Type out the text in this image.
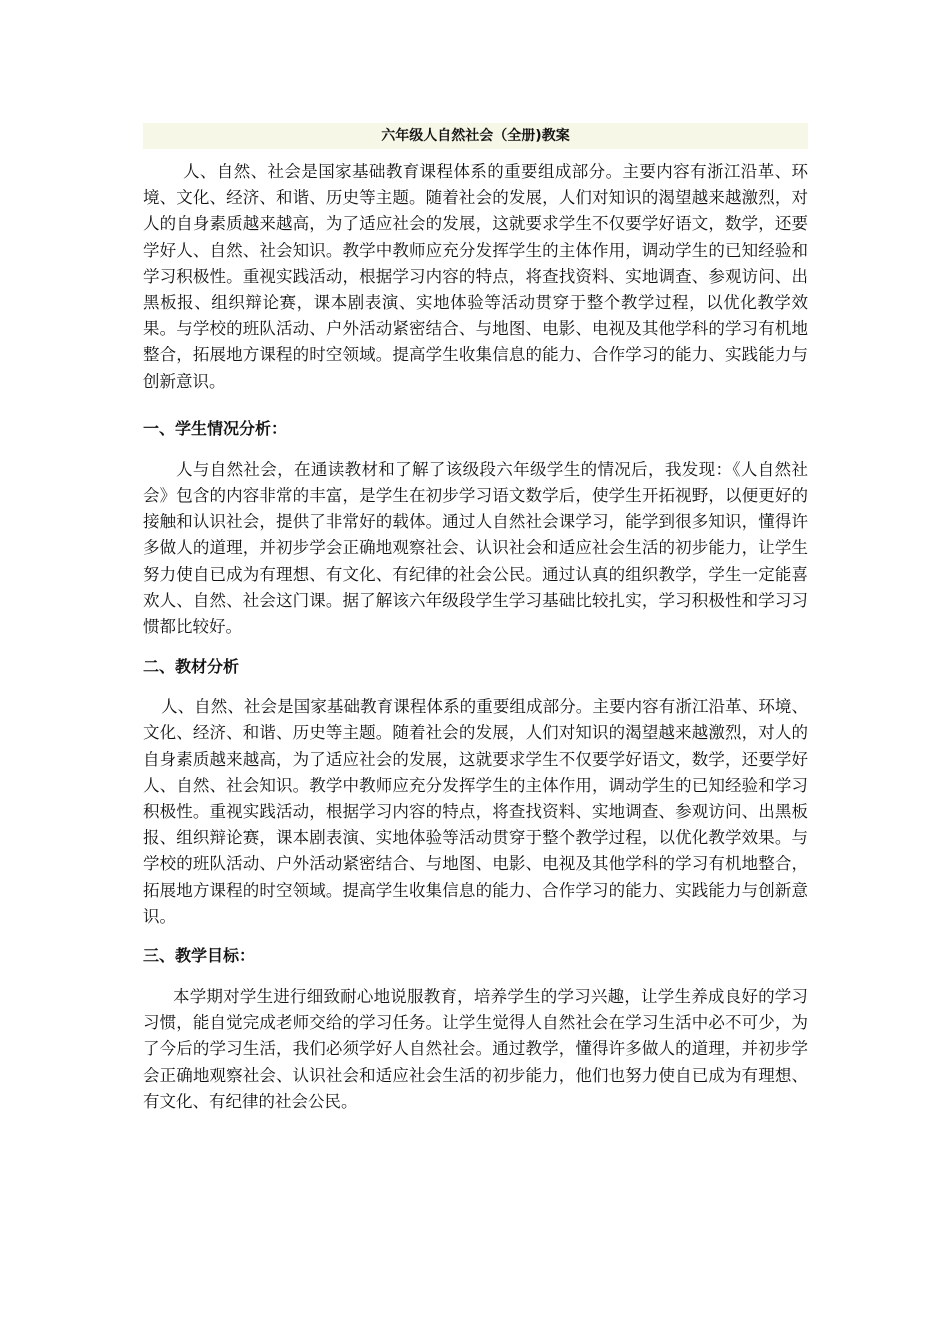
六年级人自然社会（全册)教案

人、自然、社会是国家基础教育课程体系的重要组成部分。主要内容有浙江沿革、环境、文化、经济、和谐、历史等主题。随着社会的发展，人们对知识的渴望越来越激烈，对人的自身素质越来越高，为了适应社会的发展，这就要求学生不仅要学好语文，数学，还要学好人、自然、社会知识。教学中教师应充分发挥学生的主体作用，调动学生的已知经验和学习积极性。重视实践活动，根据学习内容的特点，将查找资料、实地调查、参观访问、出黑板报、组织辩论赛，课本剧表演、实地体验等活动贯穿于整个教学过程，以优化教学效果。与学校的班队活动、户外活动紧密结合、与地图、电影、电视及其他学科的学习有机地整合，拓展地方课程的时空领域。提高学生收集信息的能力、合作学习的能力、实践能力与创新意识。

一、学生情况分析：

人与自然社会，在通读教材和了解了该级段六年级学生的情况后，我发现：《人自然社会》包含的内容非常的丰富，是学生在初步学习语文数学后，使学生开拓视野，以便更好的接触和认识社会，提供了非常好的载体。通过人自然社会课学习，能学到很多知识，懂得许多做人的道理，并初步学会正确地观察社会、认识社会和适应社会生活的初步能力，让学生努力使自已成为有理想、有文化、有纪律的社会公民。通过认真的组织教学，学生一定能喜欢人、自然、社会这门课。据了解该六年级段学生学习基础比较扎实，学习积极性和学习习惯都比较好。

二、教材分析

人、自然、社会是国家基础教育课程体系的重要组成部分。主要内容有浙江沿革、环境、文化、经济、和谐、历史等主题。随着社会的发展，人们对知识的渴望越来越激烈，对人的自身素质越来越高，为了适应社会的发展，这就要求学生不仅要学好语文，数学，还要学好人、自然、社会知识。教学中教师应充分发挥学生的主体作用，调动学生的已知经验和学习积极性。重视实践活动，根据学习内容的特点，将查找资料、实地调查、参观访问、出黑板报、组织辩论赛，课本剧表演、实地体验等活动贯穿于整个教学过程，以优化教学效果。与学校的班队活动、户外活动紧密结合、与地图、电影、电视及其他学科的学习有机地整合，拓展地方课程的时空领域。提高学生收集信息的能力、合作学习的能力、实践能力与创新意识。

三、教学目标：

本学期对学生进行细致耐心地说服教育，培养学生的学习兴趣，让学生养成良好的学习习惯，能自觉完成老师交给的学习任务。让学生觉得人自然社会在学习生活中必不可少，为了今后的学习生活，我们必须学好人自然社会。通过教学，懂得许多做人的道理，并初步学会正确地观察社会、认识社会和适应社会生活的初步能力，他们也努力使自已成为有理想、有文化、有纪律的社会公民。
